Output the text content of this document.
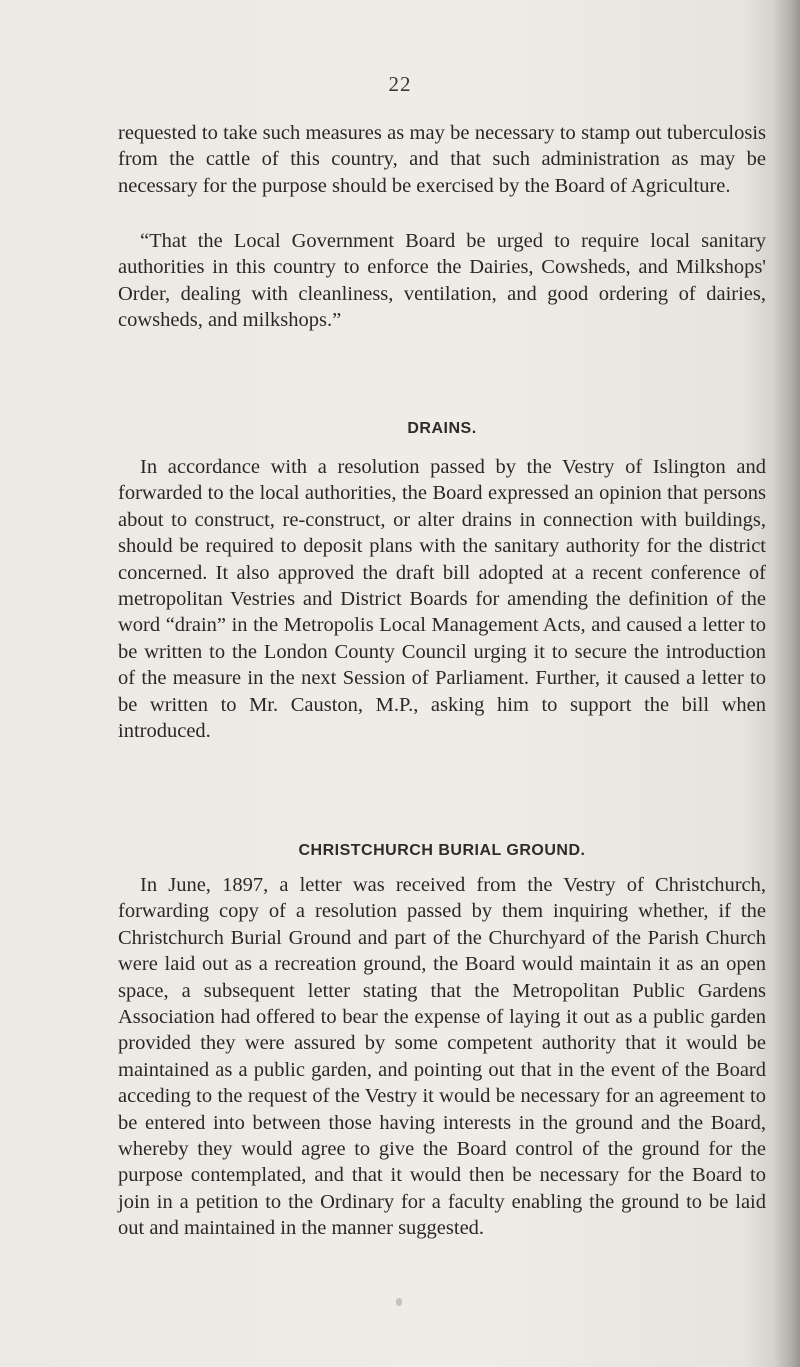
22

requested to take such measures as may be necessary to stamp out tuberculosis from the cattle of this country, and that such administration as may be necessary for the purpose should be exercised by the Board of Agriculture.

“That the Local Government Board be urged to require local sanitary authorities in this country to enforce the Dairies, Cowsheds, and Milkshops' Order, dealing with cleanliness, ventilation, and good ordering of dairies, cowsheds, and milkshops.”

DRAINS.

In accordance with a resolution passed by the Vestry of Islington and forwarded to the local authorities, the Board expressed an opinion that persons about to construct, re-construct, or alter drains in connection with buildings, should be required to deposit plans with the sanitary authority for the district concerned. It also approved the draft bill adopted at a recent conference of metropolitan Vestries and District Boards for amending the definition of the word “drain” in the Metropolis Local Management Acts, and caused a letter to be written to the London County Council urging it to secure the introduction of the measure in the next Session of Parliament. Further, it caused a letter to be written to Mr. Causton, M.P., asking him to support the bill when introduced.

CHRISTCHURCH BURIAL GROUND.

In June, 1897, a letter was received from the Vestry of Christchurch, forwarding copy of a resolution passed by them inquiring whether, if the Christchurch Burial Ground and part of the Churchyard of the Parish Church were laid out as a recreation ground, the Board would maintain it as an open space, a subsequent letter stating that the Metropolitan Public Gardens Association had offered to bear the expense of laying it out as a public garden provided they were assured by some competent authority that it would be maintained as a public garden, and pointing out that in the event of the Board acceding to the request of the Vestry it would be necessary for an agreement to be entered into between those having interests in the ground and the Board, whereby they would agree to give the Board control of the ground for the purpose contemplated, and that it would then be necessary for the Board to join in a petition to the Ordinary for a faculty enabling the ground to be laid out and maintained in the manner suggested.
